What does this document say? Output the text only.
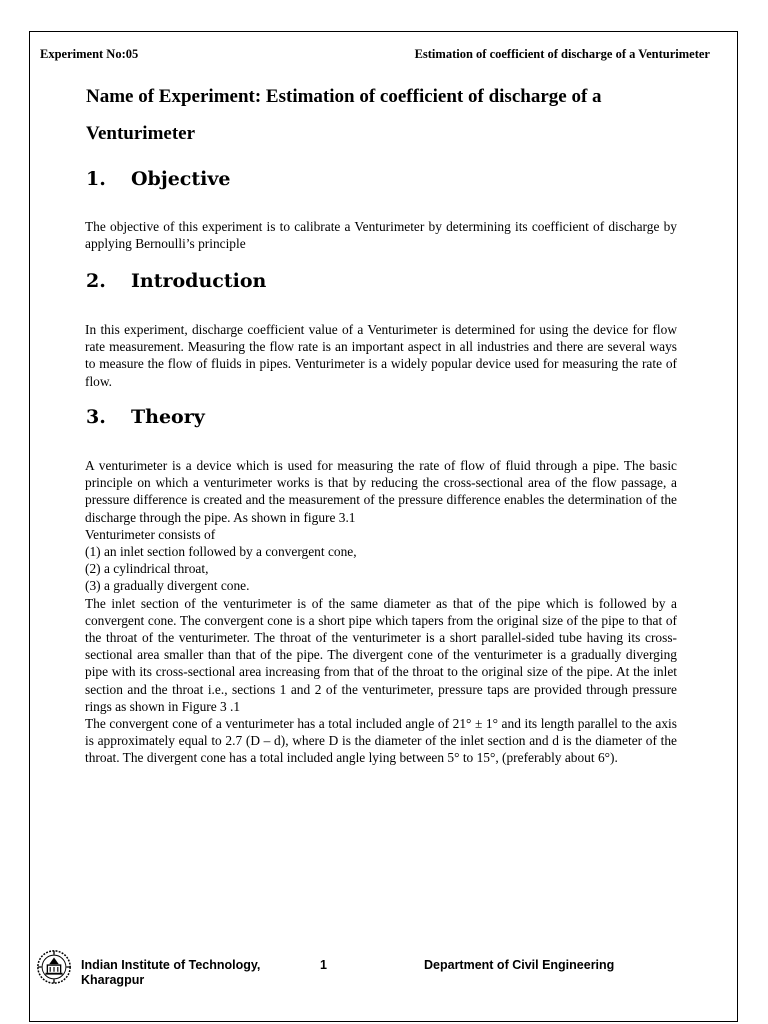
Experiment No:05	Estimation of coefficient of discharge of a Venturimeter
Name of Experiment: Estimation of coefficient of discharge of a
Venturimeter
1. Objective

The objective of this experiment is to calibrate a Venturimeter by determining its coefficient of discharge by applying Bernoulli’s principle

2. Introduction

In this experiment, discharge coefficient value of a Venturimeter is determined for using the device for flow rate measurement. Measuring the flow rate is an important aspect in all industries and there are several ways to measure the flow of fluids in pipes. Venturimeter is a widely popular device used for measuring the rate of flow.

3. Theory

A venturimeter is a device which is used for measuring the rate of flow of fluid through a pipe. The basic principle on which a venturimeter works is that by reducing the cross-sectional area of the flow passage, a pressure difference is created and the measurement of the pressure difference enables the determination of the discharge through the pipe. As shown in figure 3.1

Venturimeter consists of

(1) an inlet section followed by a convergent cone,

(2) a cylindrical throat,

(3) a gradually divergent cone.

The inlet section of the venturimeter is of the same diameter as that of the pipe which is followed by a convergent cone. The convergent cone is a short pipe which tapers from the original size of the pipe to that of the throat of the venturimeter. The throat of the venturimeter is a short parallel-sided tube having its cross-sectional area smaller than that of the pipe. The divergent cone of the venturimeter is a gradually diverging pipe with its cross-sectional area increasing from that of the throat to the original size of the pipe. At the inlet section and the throat i.e., sections 1 and 2 of the venturimeter, pressure taps are provided through pressure rings as shown in Figure 3 .1

The convergent cone of a venturimeter has a total included angle of 21° ± 1° and its length parallel to the axis is approximately equal to 2.7 (D – d), where D is the diameter of the inlet section and d is the diameter of the throat. The divergent cone has a total included angle lying between 5° to 15°, (preferably about 6°).

Indian Institute of Technology,
Kharagpur
1	Department of Civil Engineering
